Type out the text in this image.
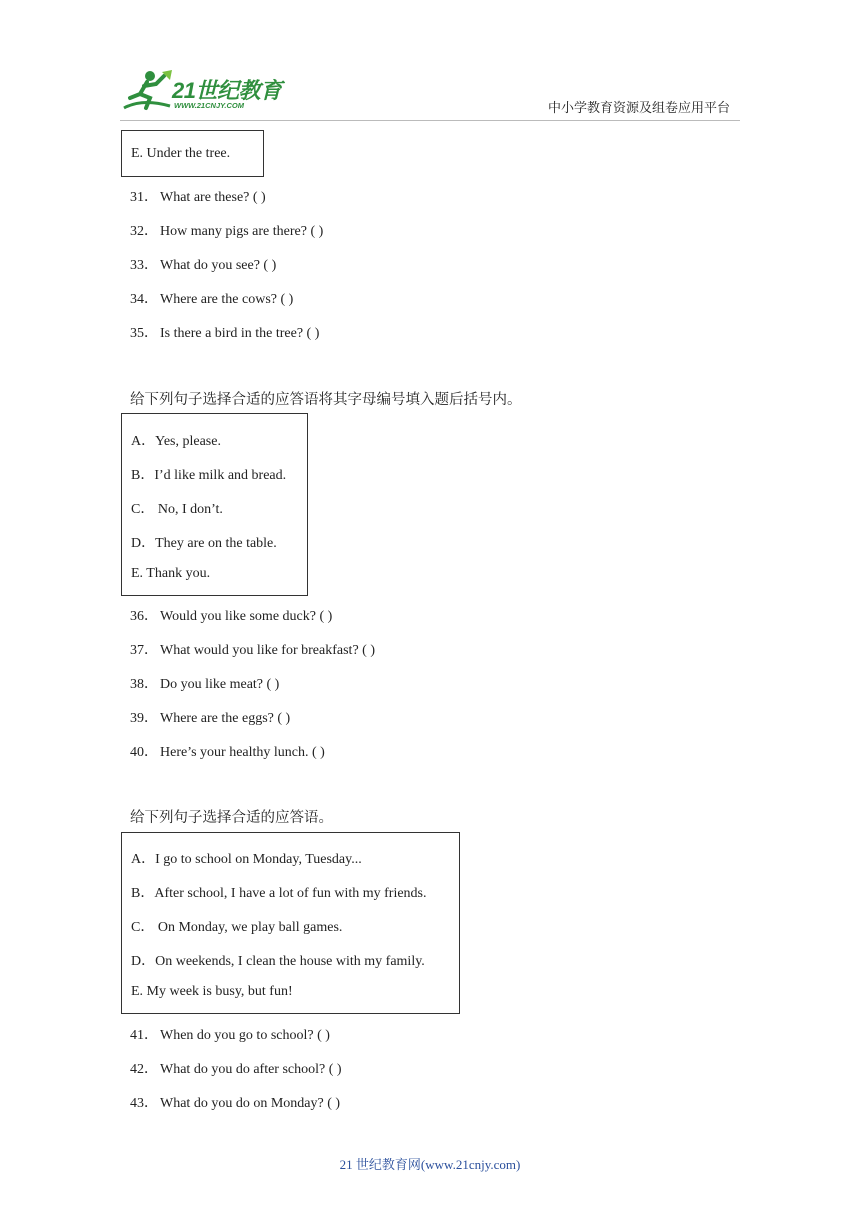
21世纪教育
WWW.21CNJY.COM	中小学教育资源及组卷应用平台
E. Under the tree.
31． What are these? ( )
32． How many pigs are there? ( )
33． What do you see? ( )
34． Where are the cows? ( )
35． Is there a bird in the tree? ( )
给下列句子选择合适的应答语将其字母编号填入题后括号内。
A．Yes, please.
B．I’d like milk and bread.
C． No, I don’t.
D．They are on the table.
E. Thank you.
36． Would you like some duck? ( )
37． What would you like for breakfast? ( )
38． Do you like meat? ( )
39． Where are the eggs? ( )
40． Here’s your healthy lunch. ( )
给下列句子选择合适的应答语。
A．I go to school on Monday, Tuesday...
B．After school, I have a lot of fun with my friends.
C． On Monday, we play ball games.
D．On weekends, I clean the house with my family.
E. My week is busy, but fun!
41． When do you go to school? ( )
42． What do you do after school? ( )
43． What do you do on Monday? ( )
21 世纪教育网(www.21cnjy.com)
